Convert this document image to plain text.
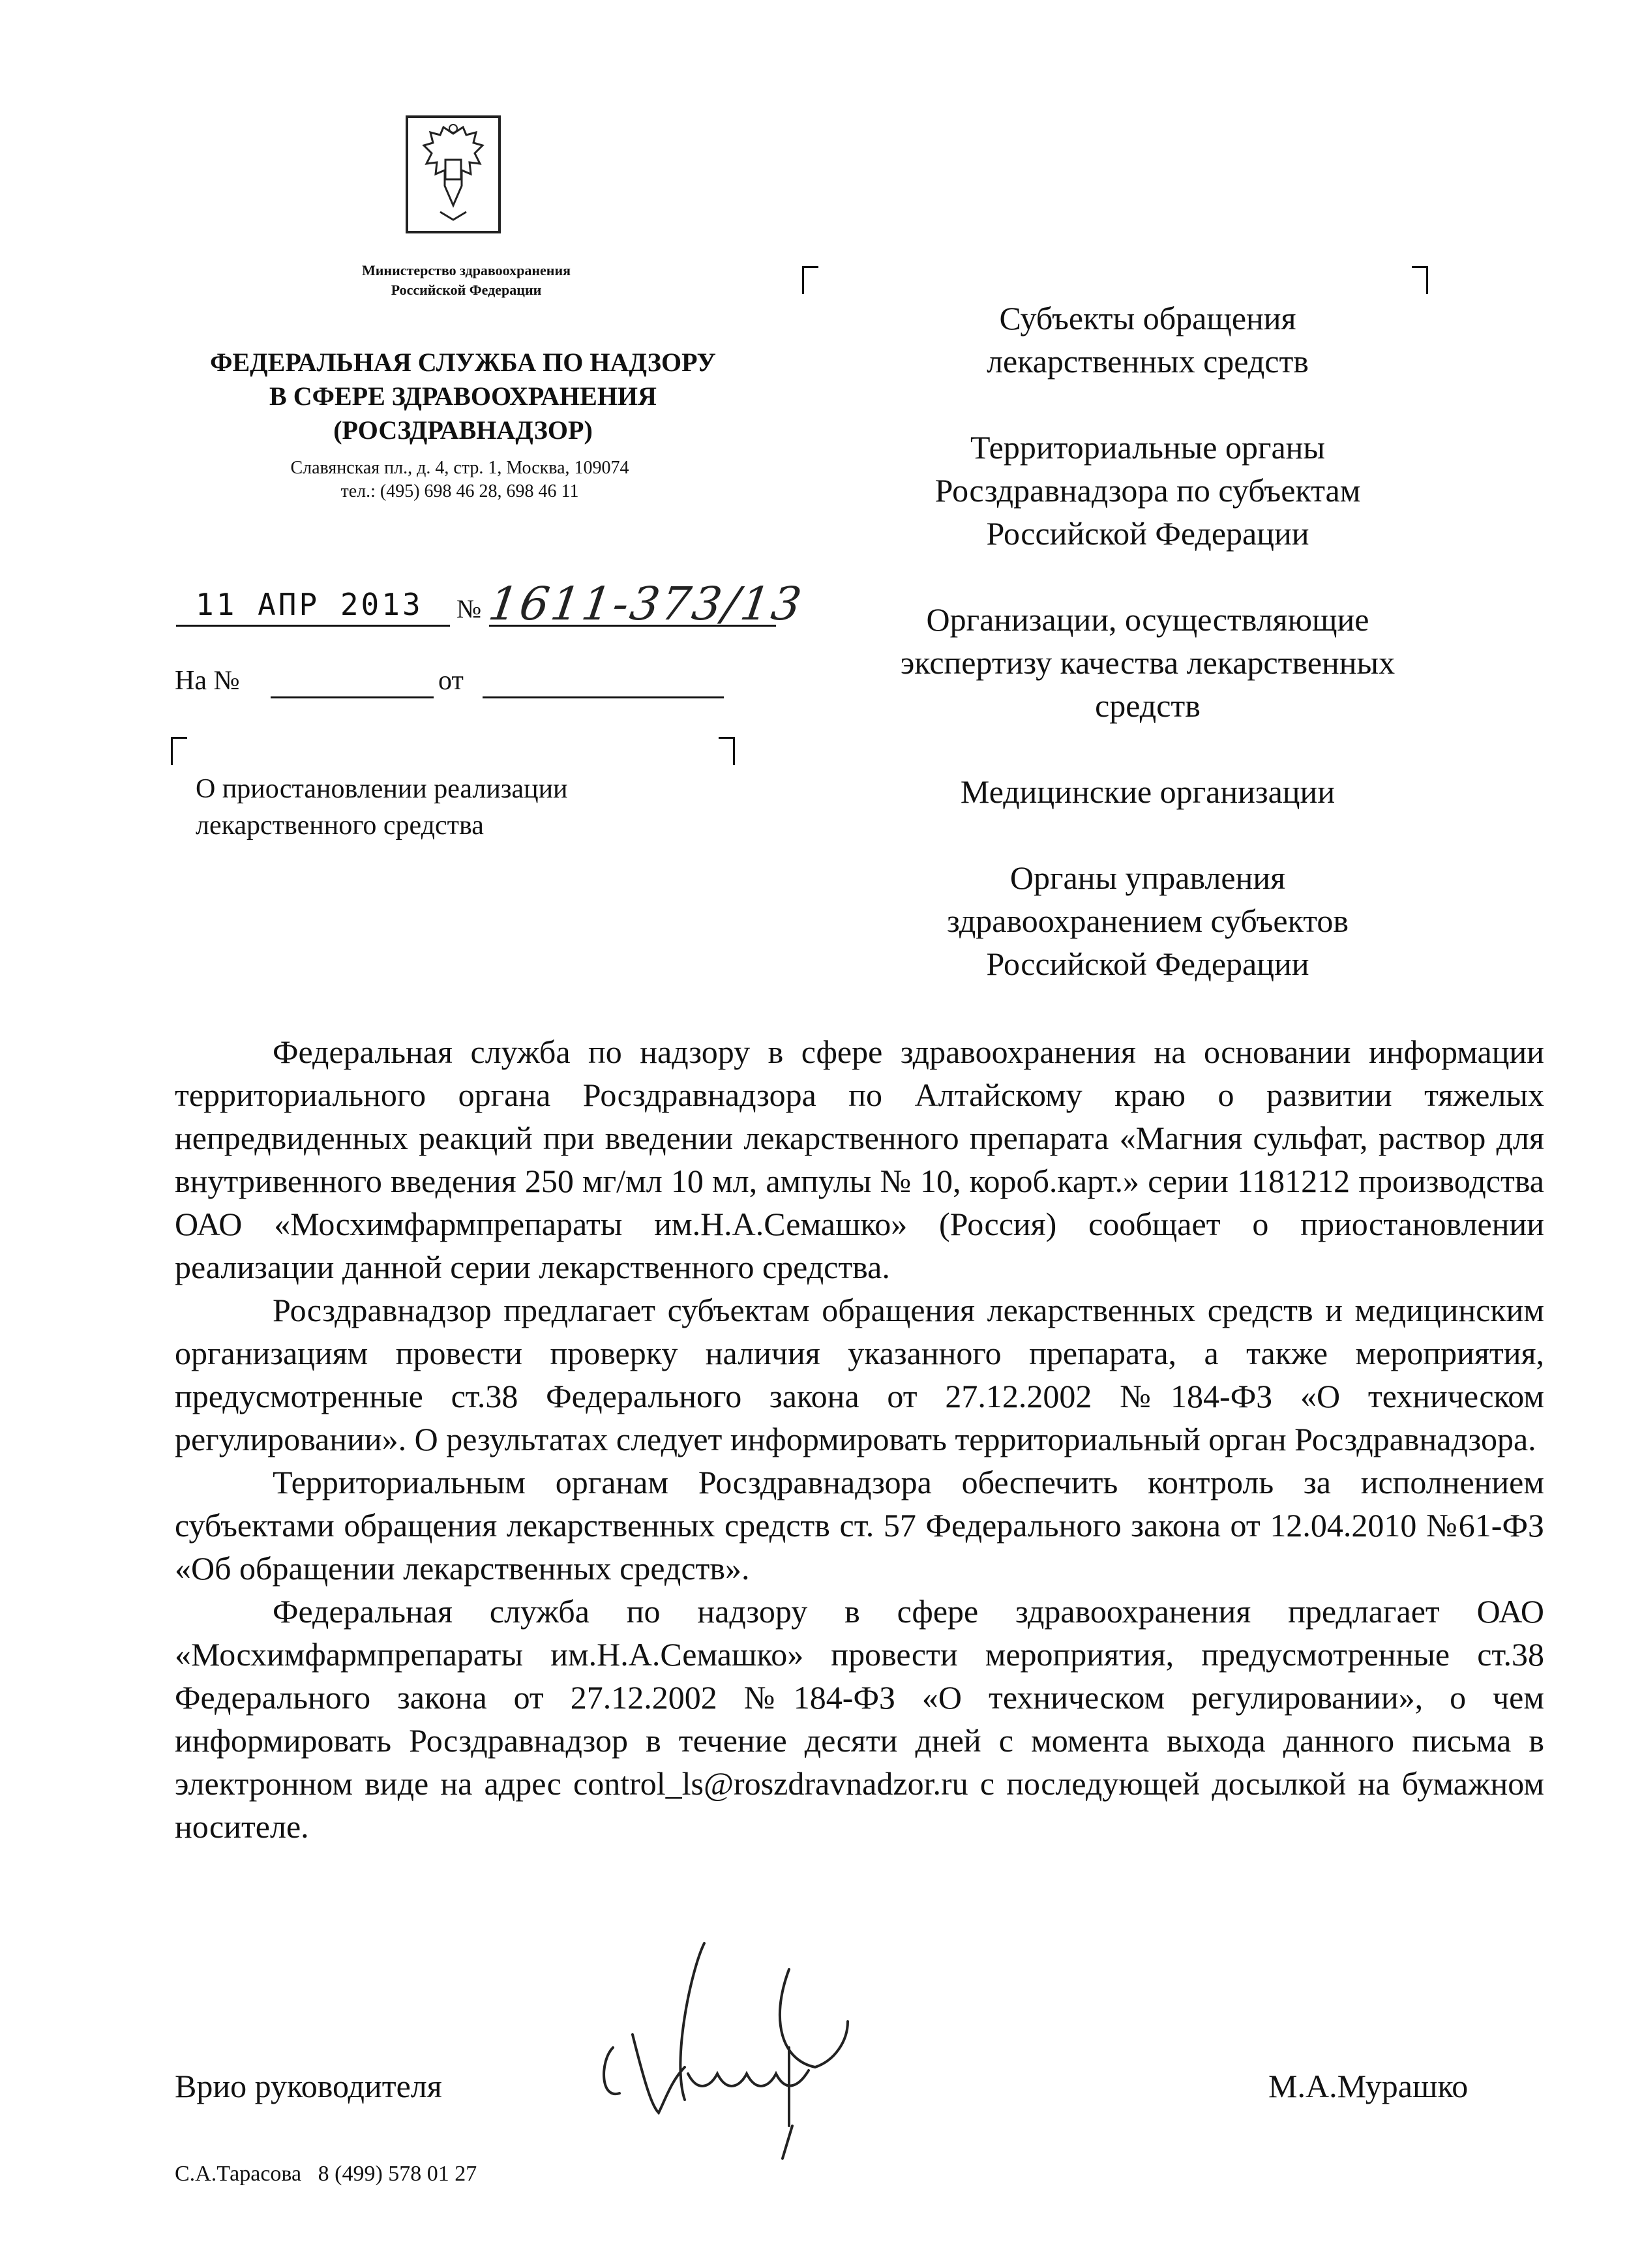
Министерство здравоохранения
Российской Федерации
ФЕДЕРАЛЬНАЯ СЛУЖБА ПО НАДЗОРУ
В СФЕРЕ ЗДРАВООХРАНЕНИЯ
(РОСЗДРАВНАДЗОР)
Славянская пл., д. 4, стр. 1, Москва, 109074
тел.: (495) 698 46 28, 698 46 11
11 АПР 2013 № 1611-373/13
На №	от
О приостановлении реализации
лекарственного средства
Субъекты обращения
лекарственных средств
Территориальные органы
Росздравнадзора по субъектам
Российской Федерации
Организации, осуществляющие
экспертизу качества лекарственных
средств
Медицинские организации
Органы управления
здравоохранением субъектов
Российской Федерации

Федеральная служба по надзору в сфере здравоохранения на основании информации территориального органа Росздравнадзора по Алтайскому краю о развитии тяжелых непредвиденных реакций при введении лекарственного препарата «Магния сульфат, раствор для внутривенного введения 250 мг/мл 10 мл, ампулы № 10, короб.карт.» серии 1181212 производства ОАО «Мосхимфармпрепараты им.Н.А.Семашко» (Россия) сообщает о приостановлении реализации данной серии лекарственного средства.

Росздравнадзор предлагает субъектам обращения лекарственных средств и медицинским организациям провести проверку наличия указанного препарата, а также мероприятия, предусмотренные ст.38 Федерального закона от 27.12.2002 №184-ФЗ «О техническом регулировании». О результатах следует информировать территориальный орган Росздравнадзора.

Территориальным органам Росздравнадзора обеспечить контроль за исполнением субъектами обращения лекарственных средств ст. 57 Федерального закона от 12.04.2010 №61-ФЗ «Об обращении лекарственных средств».

Федеральная служба по надзору в сфере здравоохранения предлагает ОАО «Мосхимфармпрепараты им.Н.А.Семашко» провести мероприятия, предусмотренные ст.38 Федерального закона от 27.12.2002 №184-ФЗ «О техническом регулировании», о чем информировать Росздравнадзор в течение десяти дней с момента выхода данного письма в электронном виде на адрес control_ls@roszdravnadzor.ru с последующей досылкой на бумажном носителе.

Врио руководителя	М.А.Мурашко
С.А.Тарасова 8 (499) 578 01 27
